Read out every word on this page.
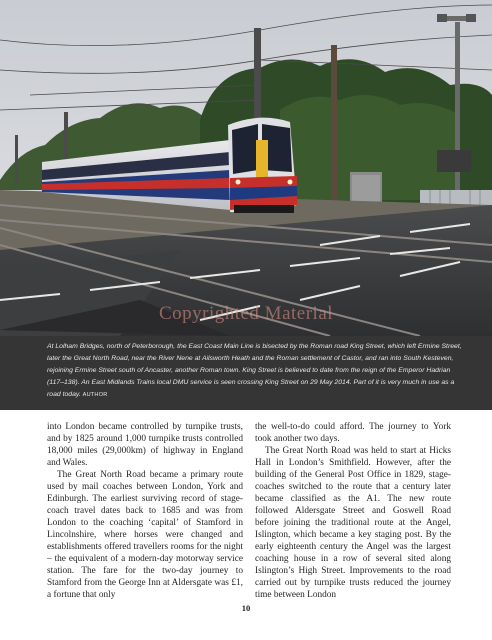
Copyrighted Material
At Lolham Bridges, north of Peterborough, the East Coast Main Line is bisected by the Roman road King Street, which left Ermine Street, later the Great North Road, near the River Nene at Ailsworth Heath and the Roman settlement of Castor, and ran into South Kesteven, rejoining Ermine Street south of Ancaster, another Roman town. King Street is believed to date from the reign of the Emperor Hadrian (117–138). An East Midlands Trains local DMU service is seen crossing King Street on 29 May 2014. Part of it is very much in use as a road today. AUTHOR

into London became controlled by turnpike trusts, and by 1825 around 1,000 turnpike trusts controlled 18,000 miles (29,000km) of highway in England and Wales.

The Great North Road became a primary route used by mail coaches between London, York and Edinburgh. The earliest surviving record of stage-coach travel dates back to 1685 and was from London to the coaching ‘capital’ of Stamford in Lincolnshire, where horses were changed and establishments offered travellers rooms for the night – the equivalent of a modern-day motorway service station. The fare for the two-day journey to Stamford from the George Inn at Aldersgate was £1, a fortune that only

the well-to-do could afford. The journey to York took another two days.

The Great North Road was held to start at Hicks Hall in London’s Smithfield. However, after the building of the General Post Office in 1829, stage-coaches switched to the route that a century later became classified as the A1. The new route followed Aldersgate Street and Goswell Road before joining the traditional route at the Angel, Islington, which became a key staging post. By the early eighteenth century the Angel was the largest coaching house in a row of several sited along Islington’s High Street. Improvements to the road carried out by turnpike trusts reduced the journey time between London

10
